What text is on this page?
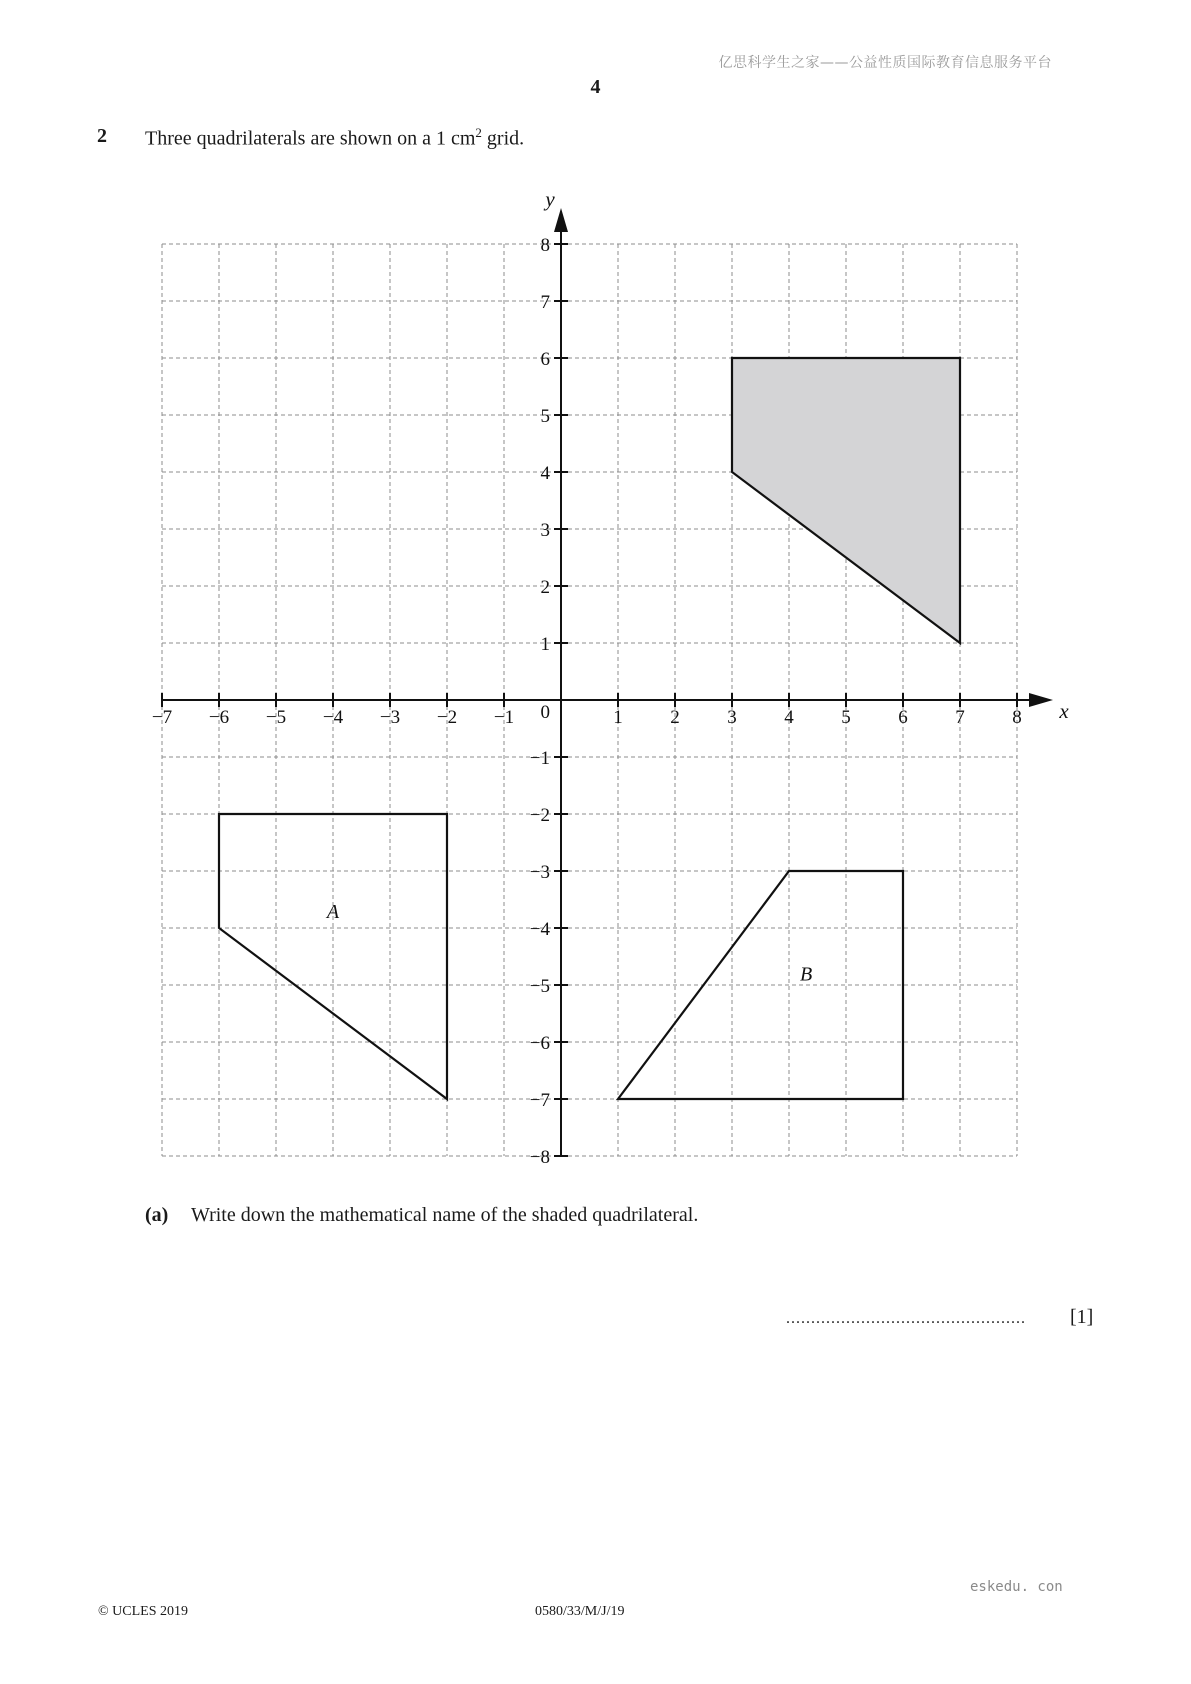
亿思科学生之家——公益性质国际教育信息服务平台
4
2 Three quadrilaterals are shown on a 1 $cm^2$ grid.
A
B
x
y
−7 −6 −5 −4 −3 −2 −1	1	2	3	4	5	6	7	8
−8
−7
−6
−5
−4
−3
−2
−1
1
2
3
4
5
6
7
8
0
(a) Write down the mathematical name of the shaded quadrilateral.
................................................ [1]
eskedu. con
© UCLES 2019	0580/33/M/J/19
